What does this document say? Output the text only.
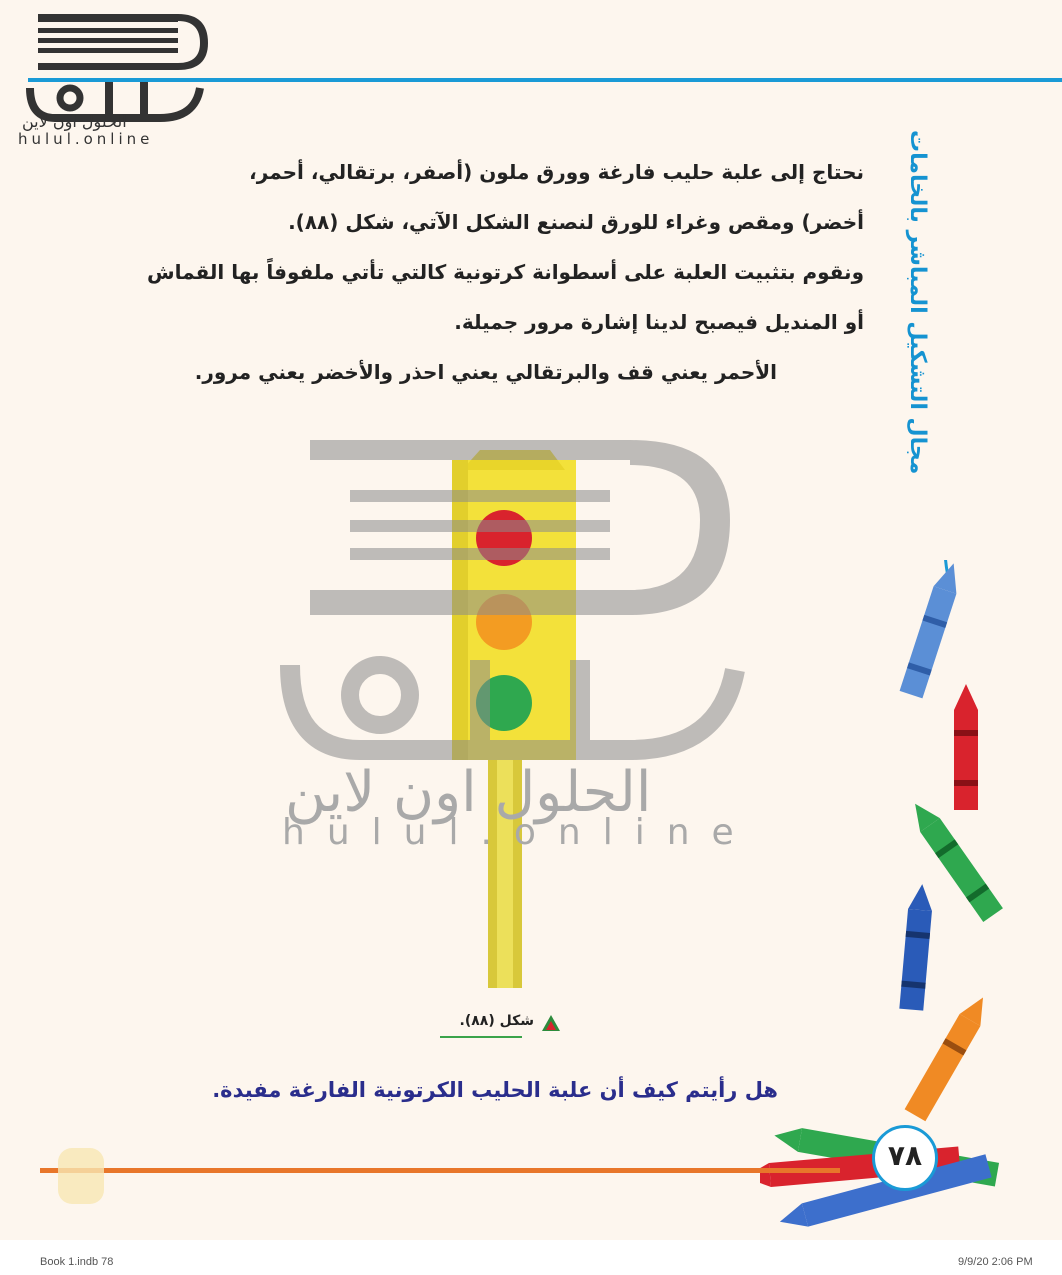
الحلول اون لاين
hulul.online
نحتاج إلى علبة حليب فارغة وورق ملون (أصفر، برتقالي، أحمر،
أخضر) ومقص وغراء للورق لنصنع الشكل الآتي، شكل (٨٨).
ونقوم بتثبيت العلبة على أسطوانة كرتونية كالتي تأتي ملفوفاً بها القماش
أو المنديل فيصبح لدينا إشارة مرور جميلة.
الأحمر يعني قف والبرتقالي يعني احذر والأخضر يعني مرور.	مجال التشكيل المباشر بالخامات
الحلول اون لاين
hulul.online
شكل (٨٨).
هل رأيتم كيف أن علبة الحليب الكرتونية الفارغة مفيدة.
٧٨
Book 1.indb 78	9/9/20 2:06 PM
